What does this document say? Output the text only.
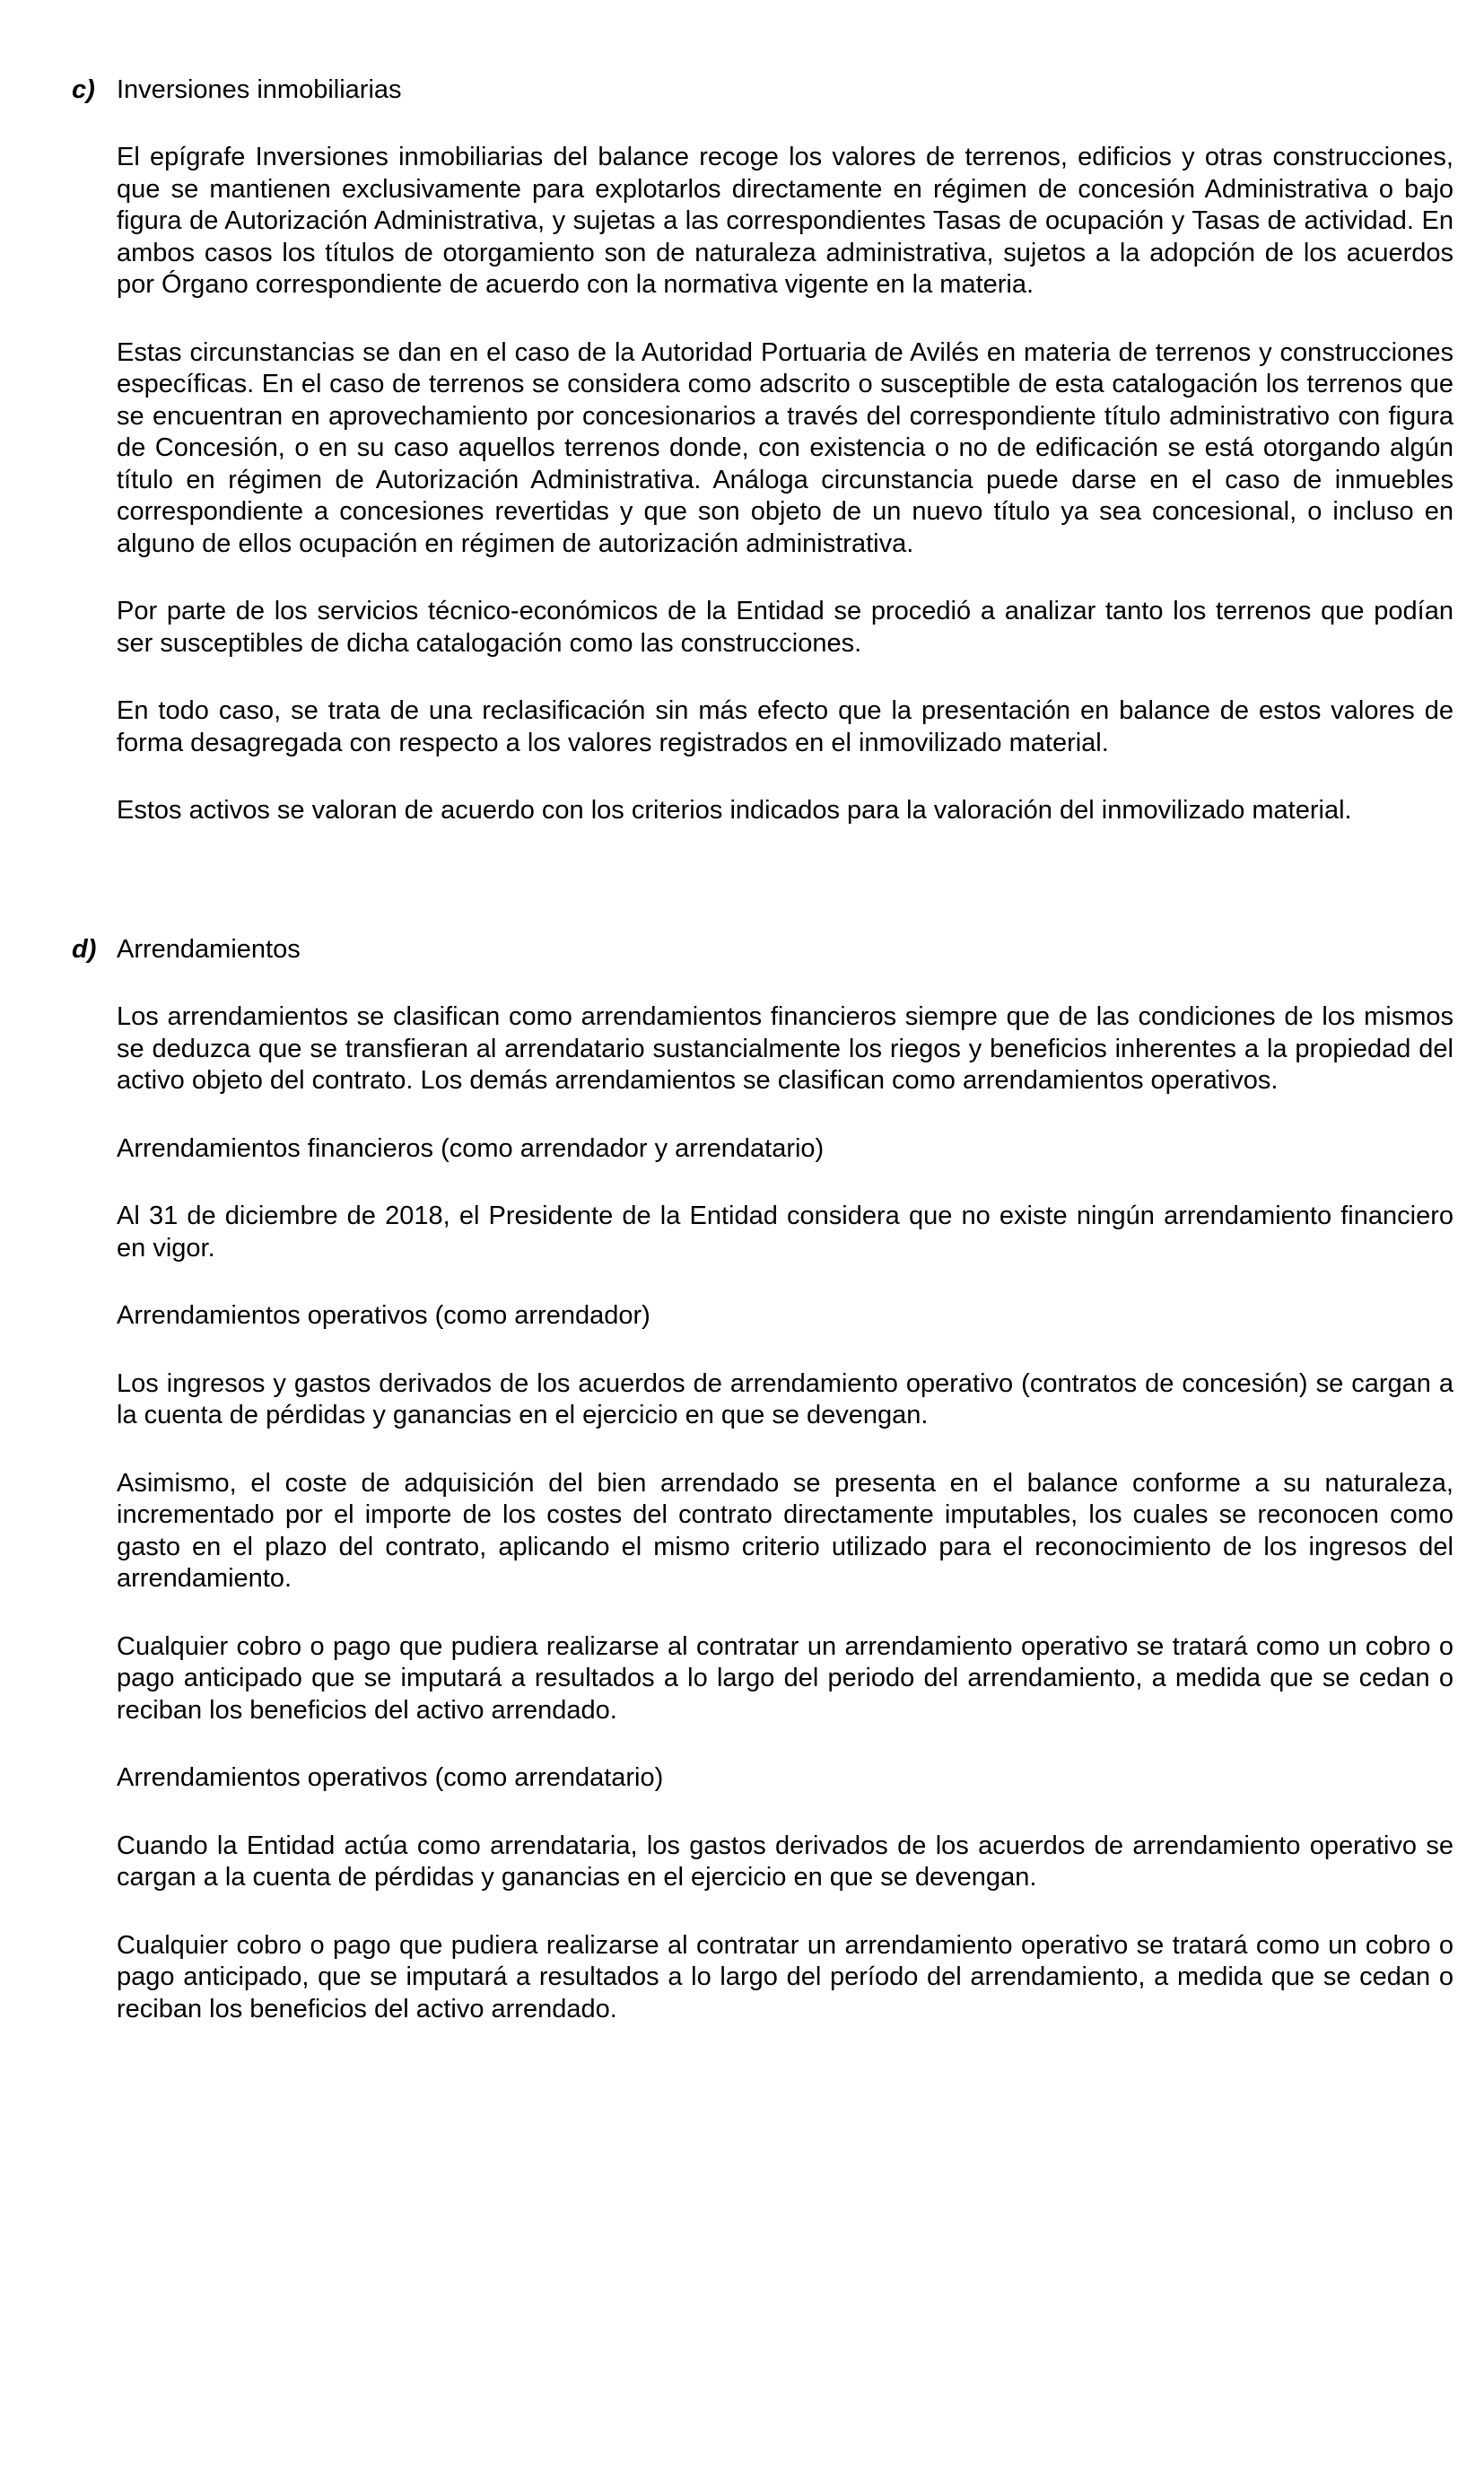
c) Inversiones inmobiliarias

El epígrafe Inversiones inmobiliarias del balance recoge los valores de terrenos, edificios y otras construcciones, que se mantienen exclusivamente para explotarlos directamente en régimen de concesión Administrativa o bajo figura de Autorización Administrativa, y sujetas a las correspondientes Tasas de ocupación y Tasas de actividad. En ambos casos los títulos de otorgamiento son de naturaleza administrativa, sujetos a la adopción de los acuerdos por Órgano correspondiente de acuerdo con la normativa vigente en la materia.

Estas circunstancias se dan en el caso de la Autoridad Portuaria de Avilés en materia de terrenos y construcciones específicas. En el caso de terrenos se considera como adscrito o susceptible de esta catalogación los terrenos que se encuentran en aprovechamiento por concesionarios a través del correspondiente título administrativo con figura de Concesión, o en su caso aquellos terrenos donde, con existencia o no de edificación se está otorgando algún título en régimen de Autorización Administrativa. Análoga circunstancia puede darse en el caso de inmuebles correspondiente a concesiones revertidas y que son objeto de un nuevo título ya sea concesional, o incluso en alguno de ellos ocupación en régimen de autorización administrativa.

Por parte de los servicios técnico-económicos de la Entidad se procedió a analizar tanto los terrenos que podían ser susceptibles de dicha catalogación como las construcciones.

En todo caso, se trata de una reclasificación sin más efecto que la presentación en balance de estos valores de forma desagregada con respecto a los valores registrados en el inmovilizado material.

Estos activos se valoran de acuerdo con los criterios indicados para la valoración del inmovilizado material.

d) Arrendamientos

Los arrendamientos se clasifican como arrendamientos financieros siempre que de las condiciones de los mismos se deduzca que se transfieran al arrendatario sustancialmente los riegos y beneficios inherentes a la propiedad del activo objeto del contrato. Los demás arrendamientos se clasifican como arrendamientos operativos.

Arrendamientos financieros (como arrendador y arrendatario)

Al 31 de diciembre de 2018, el Presidente de la Entidad considera que no existe ningún arrendamiento financiero en vigor.

Arrendamientos operativos (como arrendador)

Los ingresos y gastos derivados de los acuerdos de arrendamiento operativo (contratos de concesión) se cargan a la cuenta de pérdidas y ganancias en el ejercicio en que se devengan.

Asimismo, el coste de adquisición del bien arrendado se presenta en el balance conforme a su naturaleza, incrementado por el importe de los costes del contrato directamente imputables, los cuales se reconocen como gasto en el plazo del contrato, aplicando el mismo criterio utilizado para el reconocimiento de los ingresos del arrendamiento.

Cualquier cobro o pago que pudiera realizarse al contratar un arrendamiento operativo se tratará como un cobro o pago anticipado que se imputará a resultados a lo largo del periodo del arrendamiento, a medida que se cedan o reciban los beneficios del activo arrendado.

Arrendamientos operativos (como arrendatario)

Cuando la Entidad actúa como arrendataria, los gastos derivados de los acuerdos de arrendamiento operativo se cargan a la cuenta de pérdidas y ganancias en el ejercicio en que se devengan.

Cualquier cobro o pago que pudiera realizarse al contratar un arrendamiento operativo se tratará como un cobro o pago anticipado, que se imputará a resultados a lo largo del período del arrendamiento, a medida que se cedan o reciban los beneficios del activo arrendado.
